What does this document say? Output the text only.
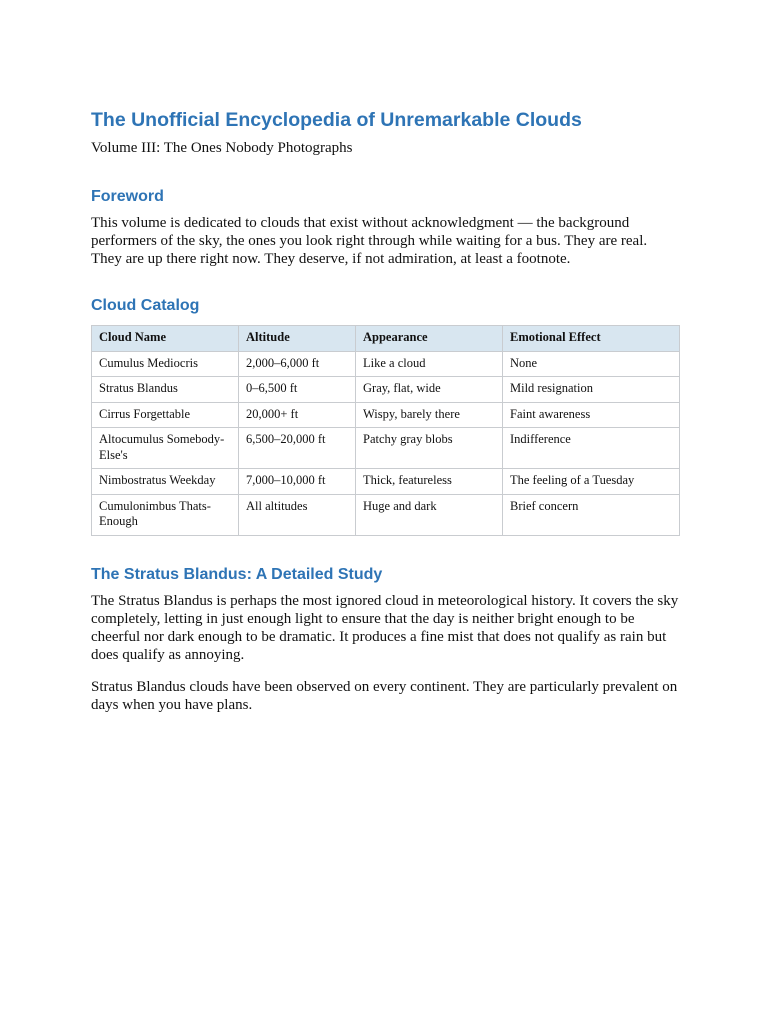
The Unofficial Encyclopedia of Unremarkable Clouds

Volume III: The Ones Nobody Photographs

Foreword

This volume is dedicated to clouds that exist without acknowledgment — the background performers of the sky, the ones you look right through while waiting for a bus. They are real. They are up there right now. They deserve, if not admiration, at least a footnote.

Cloud Catalog
Cloud Name	Altitude	Appearance	Emotional Effect
Cumulus Mediocris	2,000–6,000 ft	Like a cloud	None
Stratus Blandus	0–6,500 ft	Gray, flat, wide	Mild resignation
Cirrus Forgettable	20,000+ ft	Wispy, barely there	Faint awareness
Altocumulus Somebody-Else's	6,500–20,000 ft	Patchy gray blobs	Indifference
Nimbostratus Weekday	7,000–10,000 ft	Thick, featureless	The feeling of a Tuesday
Cumulonimbus Thats-Enough	All altitudes	Huge and dark	Brief concern
The Stratus Blandus: A Detailed Study

The Stratus Blandus is perhaps the most ignored cloud in meteorological history. It covers the sky completely, letting in just enough light to ensure that the day is neither bright enough to be cheerful nor dark enough to be dramatic. It produces a fine mist that does not qualify as rain but does qualify as annoying.

Stratus Blandus clouds have been observed on every continent. They are particularly prevalent on days when you have plans.
